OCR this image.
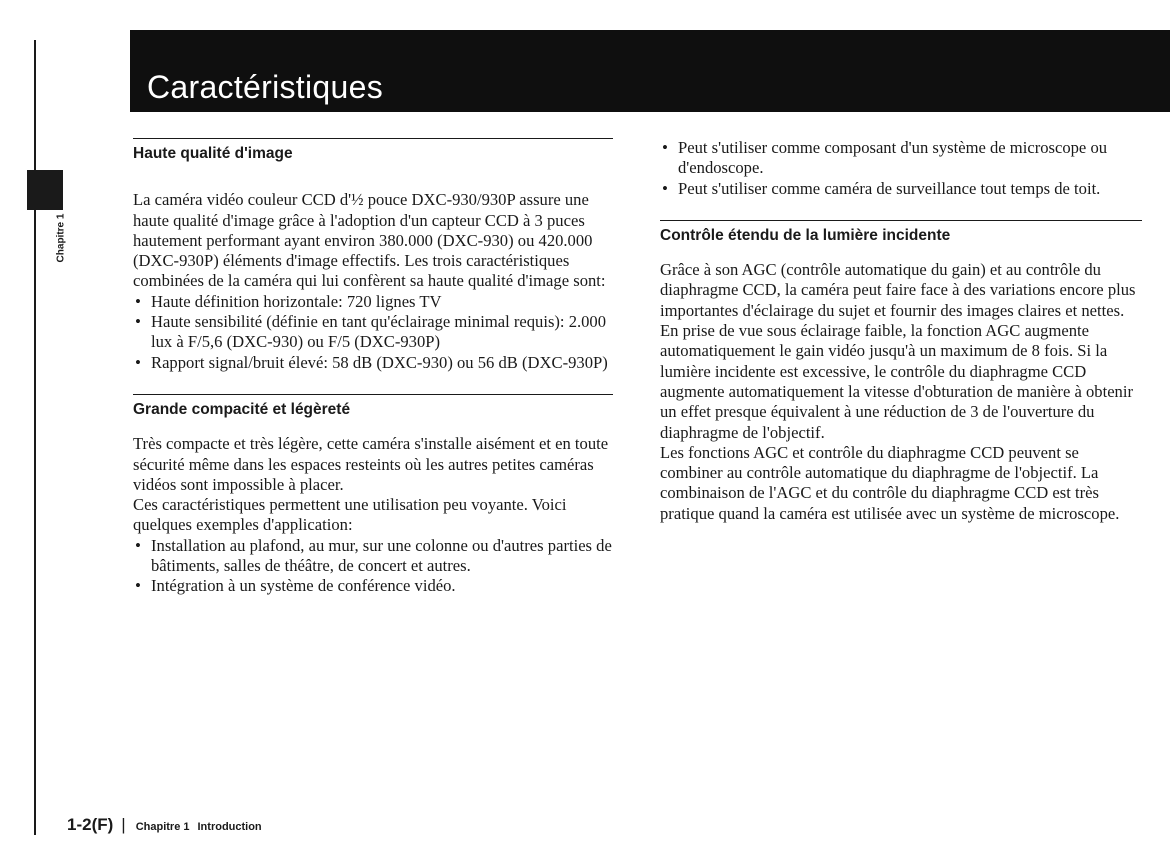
Chapitre 1
Caractéristiques
Haute qualité d'image

La caméra vidéo couleur CCD d'½ pouce DXC-930/930P assure une haute qualité d'image grâce à l'adoption d'un capteur CCD à 3 puces hautement performant ayant environ 380.000 (DXC-930) ou 420.000 (DXC-930P) éléments d'image effectifs. Les trois caractéristiques combinées de la caméra qui lui confèrent sa haute qualité d'image sont:

• Haute définition horizontale: 720 lignes TV
• Haute sensibilité (définie en tant qu'éclairage minimal requis): 2.000 lux à F/5,6 (DXC-930) ou F/5 (DXC-930P)
• Rapport signal/bruit élevé: 58 dB (DXC-930) ou 56 dB (DXC-930P)
Grande compacité et légèreté

Très compacte et très légère, cette caméra s'installe aisément et en toute sécurité même dans les espaces resteints où les autres petites caméras vidéos sont impossible à placer.

Ces caractéristiques permettent une utilisation peu voyante. Voici quelques exemples d'application:

• Installation au plafond, au mur, sur une colonne ou d'autres parties de bâtiments, salles de théâtre, de concert et autres.
• Intégration à un système de conférence vidéo.
• Peut s'utiliser comme composant d'un système de microscope ou d'endoscope.
• Peut s'utiliser comme caméra de surveillance tout temps de toit.
Contrôle étendu de la lumière incidente

Grâce à son AGC (contrôle automatique du gain) et au contrôle du diaphragme CCD, la caméra peut faire face à des variations encore plus importantes d'éclairage du sujet et fournir des images claires et nettes. En prise de vue sous éclairage faible, la fonction AGC augmente automatiquement le gain vidéo jusqu'à un maximum de 8 fois. Si la lumière incidente est excessive, le contrôle du diaphragme CCD augmente automatiquement la vitesse d'obturation de manière à obtenir un effet presque équivalent à une réduction de 3 de l'ouverture du diaphragme de l'objectif.

Les fonctions AGC et contrôle du diaphragme CCD peuvent se combiner au contrôle automatique du diaphragme de l'objectif. La combinaison de l'AGC et du contrôle du diaphragme CCD est très pratique quand la caméra est utilisée avec un système de microscope.

1-2(F) | Chapitre 1 Introduction
